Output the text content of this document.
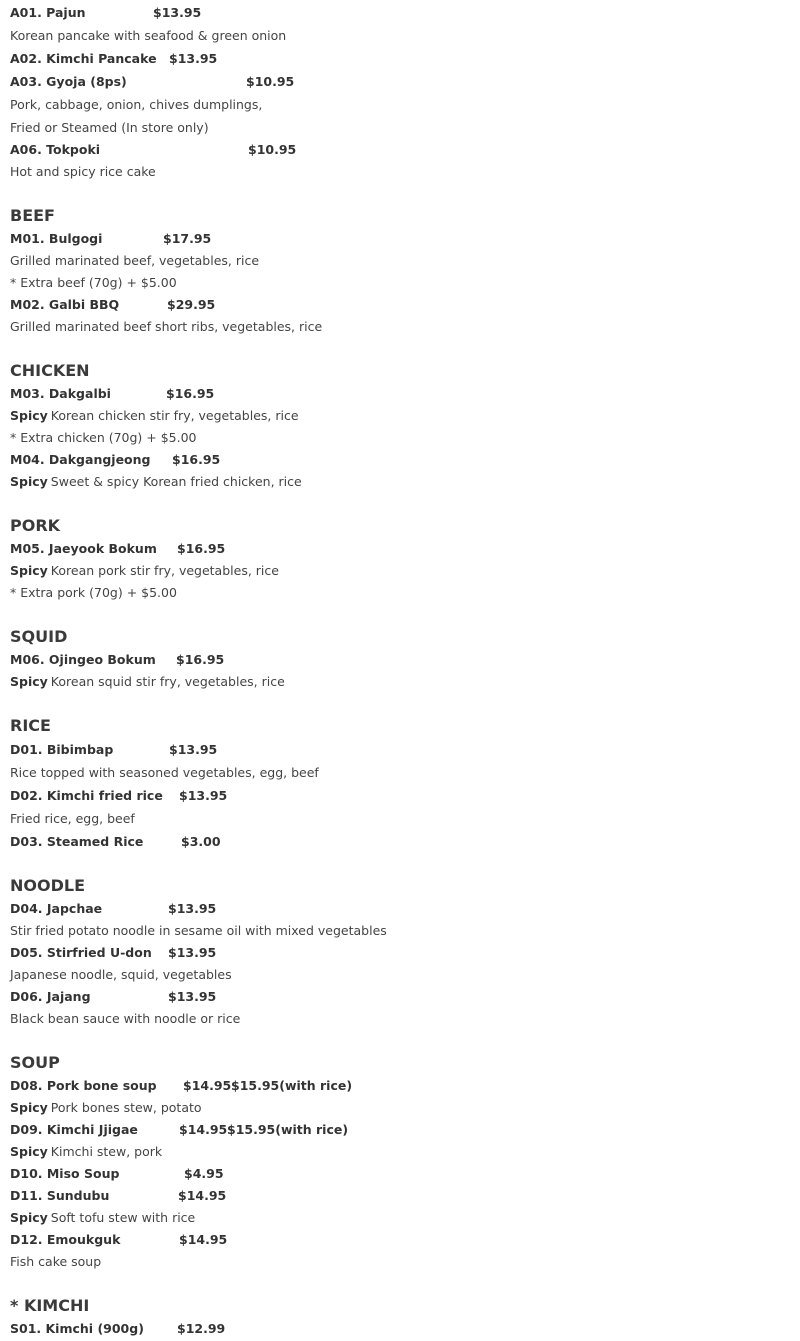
A01. Pajun	$13.95
Korean pancake with seafood & green onion
A02. Kimchi Pancake $13.95
A03. Gyoja (8ps)	$10.95
Pork, cabbage, onion, chives dumplings,
Fried or Steamed (In store only)
A06. Tokpoki	$10.95
Hot and spicy rice cake
BEEF
M01. Bulgogi	$17.95
Grilled marinated beef, vegetables, rice
* Extra beef (70g) + $5.00
M02. Galbi BBQ	$29.95
Grilled marinated beef short ribs, vegetables, rice
CHICKEN
M03. Dakgalbi	$16.95
Spicy Korean chicken stir fry, vegetables, rice
* Extra chicken (70g) + $5.00
M04. Dakgangjeong $16.95
Spicy Sweet & spicy Korean fried chicken, rice
PORK
M05. Jaeyook Bokum $16.95
Spicy Korean pork stir fry, vegetables, rice
* Extra pork (70g) + $5.00
SQUID
M06. Ojingeo Bokum $16.95
Spicy Korean squid stir fry, vegetables, rice
RICE
D01. Bibimbap	$13.95
Rice topped with seasoned vegetables, egg, beef
D02. Kimchi fried rice $13.95
Fried rice, egg, beef
D03. Steamed Rice	$3.00
NOODLE
D04. Japchae	$13.95
Stir fried potato noodle in sesame oil with mixed vegetables
D05. Stirfried U-don $13.95
Japanese noodle, squid, vegetables
D06. Jajang	$13.95
Black bean sauce with noodle or rice
SOUP
D08. Pork bone soup $14.95 $15.95(with rice)
Spicy Pork bones stew, potato
D09. Kimchi Jjigae	$14.95 $15.95(with rice)
Spicy Kimchi stew, pork
D10. Miso Soup	$4.95
D11. Sundubu	$14.95
Spicy Soft tofu stew with rice
D12. Emoukguk	$14.95
Fish cake soup
* KIMCHI
S01. Kimchi (900g)	$12.99
